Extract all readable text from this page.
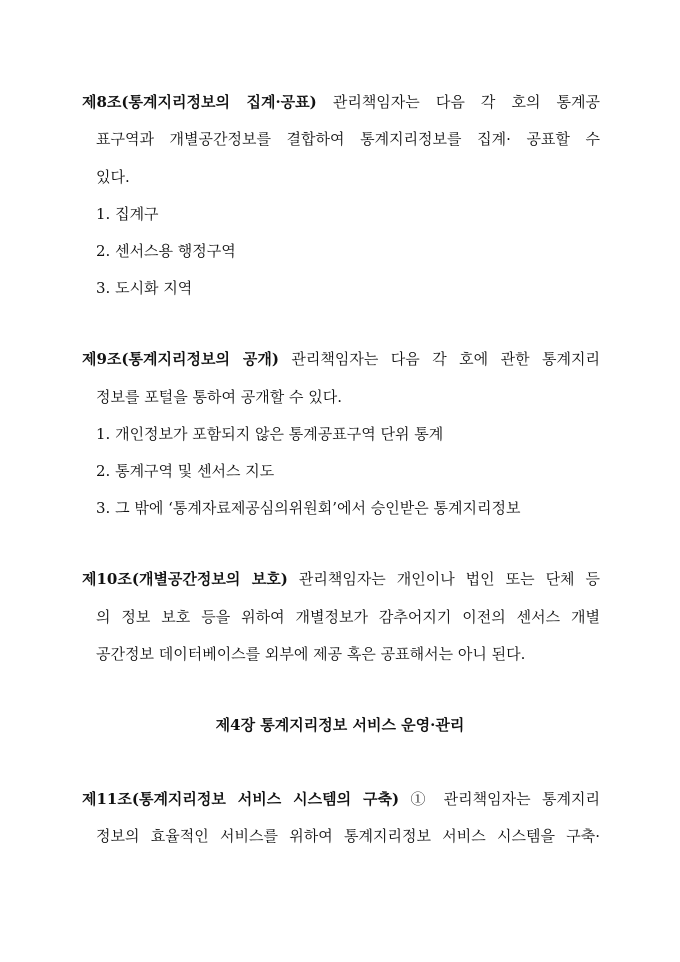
제8조(통계지리정보의 집계·공표) 관리책임자는 다음 각 호의 통계공
표구역과 개별공간정보를 결합하여 통계지리정보를 집계· 공표할 수
있다.
1. 집계구
2. 센서스용 행정구역
3. 도시화 지역
제9조(통계지리정보의 공개) 관리책임자는 다음 각 호에 관한 통계지리
정보를 포털을 통하여 공개할 수 있다.
1. 개인정보가 포함되지 않은 통계공표구역 단위 통계
2. 통계구역 및 센서스 지도
3. 그 밖에 ‘통계자료제공심의위원회’에서 승인받은 통계지리정보
제10조(개별공간정보의 보호) 관리책임자는 개인이나 법인 또는 단체 등
의 정보 보호 등을 위하여 개별정보가 감추어지기 이전의 센서스 개별
공간정보 데이터베이스를 외부에 제공 혹은 공표해서는 아니 된다.
제4장 통계지리정보 서비스 운영·관리
제11조(통계지리정보 서비스 시스템의 구축) ① 관리책임자는 통계지리
정보의 효율적인 서비스를 위하여 통계지리정보 서비스 시스템을 구축·
